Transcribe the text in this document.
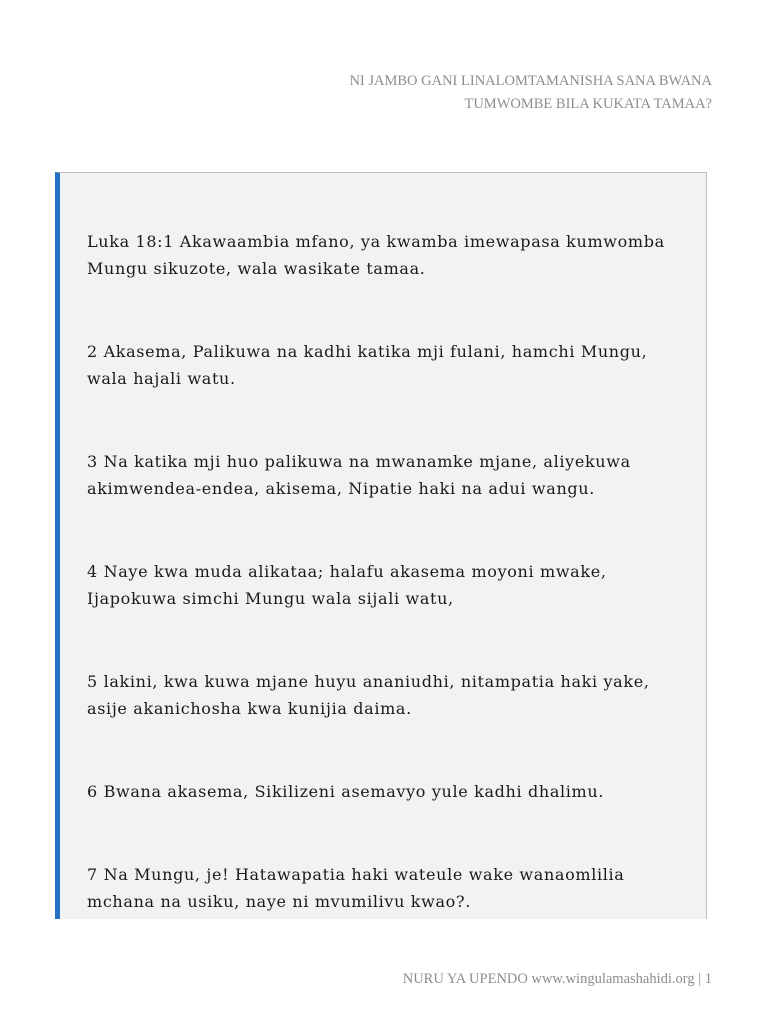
NI JAMBO GANI LINALOMTAMANISHA SANA BWANA
TUMWOMBE BILA KUKATA TAMAA?

Luka 18:1 Akawaambia mfano, ya kwamba imewapasa kumwomba
Mungu sikuzote, wala wasikate tamaa.

2 Akasema, Palikuwa na kadhi katika mji fulani, hamchi Mungu,
wala hajali watu.

3 Na katika mji huo palikuwa na mwanamke mjane, aliyekuwa
akimwendea-endea, akisema, Nipatie haki na adui wangu.

4 Naye kwa muda alikataa; halafu akasema moyoni mwake,
Ijapokuwa simchi Mungu wala sijali watu,

5 lakini, kwa kuwa mjane huyu ananiudhi, nitampatia haki yake,
asije akanichosha kwa kunijia daima.

6 Bwana akasema, Sikilizeni asemavyo yule kadhi dhalimu.

7 Na Mungu, je! Hatawapatia haki wateule wake wanaomlilia
mchana na usiku, naye ni mvumilivu kwao?.

NURU YA UPENDO www.wingulamashahidi.org | 1
